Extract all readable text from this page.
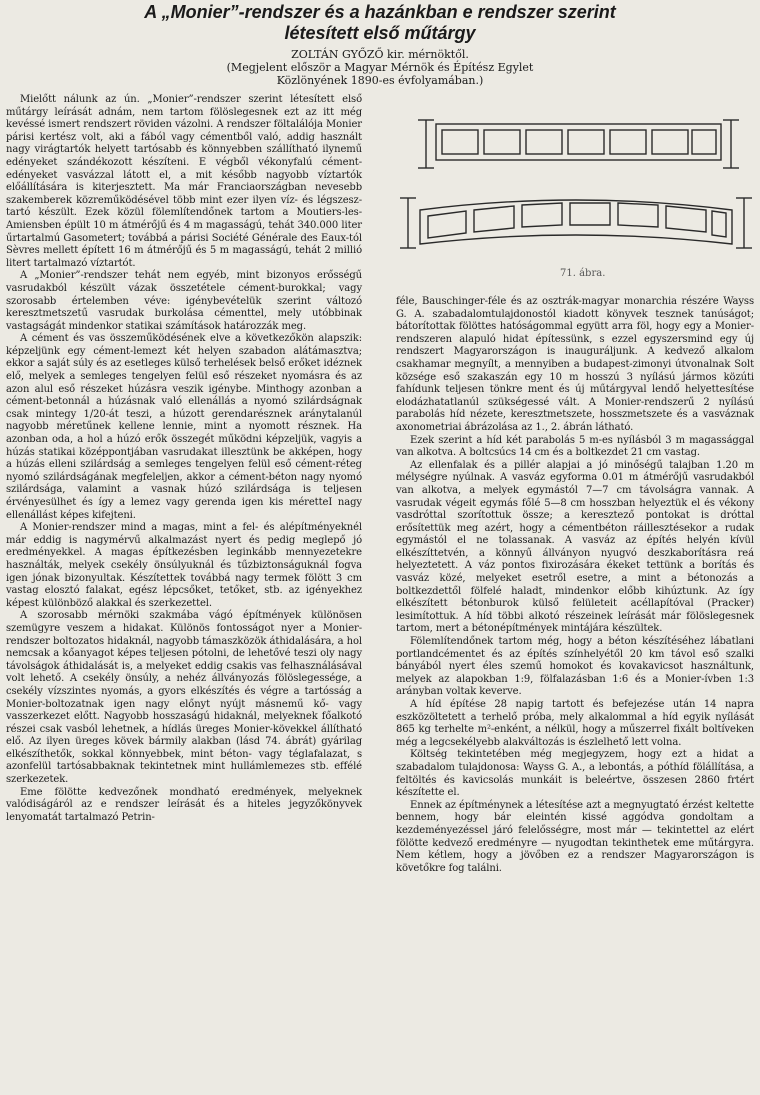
A „Monier”-rendszer és a hazánkban e rendszer szerint
létesített első műtárgy
ZOLTÁN GYŐZŐ kir. mérnöktől.
(Megjelent először a Magyar Mérnök és Építész Egylet
Közlönyének 1890-es évfolyamában.)

Mielőtt nálunk az ún. „Monier”-rendszer szerint létesített első műtárgy leírását adnám, nem tartom fölöslegesnek ezt az itt még kevéssé ismert rendszert röviden vázolni. A rendszer föltalálója Monier párisi kertész volt, aki a fából vagy cémentből való, addig használt nagy virágtartók helyett tartósabb és könnyebben szállítható ilynemű edényeket szándékozott készíteni. E végből vékonyfalú cément-edényeket vasvázzal látott el, a mit később nagyobb víztartók előállítására is kiterjesztett. Ma már Franciaországban nevesebb szakemberek közreműködésével több mint ezer ilyen víz- és légszesz-tartó készült. Ezek közül fölemlítendőnek tartom a Moutiers-les-Amiensben épült 10 m átmérőjű és 4 m magasságú, tehát 340.000 liter űrtartalmú Gasometert; továbbá a párisi Société Générale des Eaux-tól Sèvres mellett épített 16 m átmérőjű és 5 m magasságú, tehát 2 millió litert tartalmazó víztartót.

A „Monier”-rendszer tehát nem egyéb, mint bizonyos erősségű vasrudakból készült vázak összetétele cément-burokkal; vagy szorosabb értelemben véve: igénybevételük szerint változó keresztmetszetű vasrudak burkolása cémenttel, mely utóbbinak vastagságát mindenkor statikai számítások határozzák meg.

A cément és vas összeműködésének elve a következőkön alapszik: képzeljünk egy cément-lemezt két helyen szabadon alátámasztva; ekkor a saját súly és az esetleges külső terhelések belső erőket idéznek elő, melyek a semleges tengelyen felül eső részeket nyomásra és az azon alul eső részeket húzásra veszik igénybe. Minthogy azonban a cément-betonnál a húzásnak való ellenállás a nyomó szilárdságnak csak mintegy 1/20-át teszi, a húzott gerendarésznek aránytalanúl nagyobb méretűnek kellene lennie, mint a nyomott résznek. Ha azonban oda, a hol a húzó erők összegét működni képzeljük, vagyis a húzás statikai középpontjában vasrudakat illesztünk be akképen, hogy a húzás elleni szilárdság a semleges tengelyen felül eső cément-réteg nyomó szilárdságának megfeleljen, akkor a cément-béton nagy nyomó szilárdsága, valamint a vasnak húzó szilárdsága is teljesen érvényesülhet és így a lemez vagy gerenda igen kis méretteI nagy ellenállást képes kifejteni.

A Monier-rendszer mind a magas, mint a fel- és alépítményeknél már eddig is nagymérvű alkalmazást nyert és pedig meglepő jó eredményekkel. A magas építkezésben leginkább mennyezetekre használták, melyek csekély önsúlyuknál és tűzbiztonságuknál fogva igen jónak bizonyultak. Készítettek továbbá nagy termek fölött 3 cm vastag elosztó falakat, egész lépcsőket, tetőket, stb. az igényekhez képest különböző alakkal és szerkezettel.

A szorosabb mérnöki szakmába vágó építmények különösen szemügyre veszem a hidakat. Különös fontosságot nyer a Monier-rendszer boltozatos hidaknál, nagyobb támaszközök áthidalására, a hol nemcsak a kőanyagot képes teljesen pótolni, de lehetővé teszi oly nagy távolságok áthidalását is, a melyeket eddig csakis vas felhasználásával volt lehető. A csekély önsúly, a nehéz állványozás fölöslegessége, a csekély vízszintes nyomás, a gyors elkészítés és végre a tartósság a Monier-boltozatnak igen nagy előnyt nyújt másnemű kő- vagy vasszerkezet előtt. Nagyobb hosszaságú hidaknál, melyeknek főalkotó részei csak vasból lehetnek, a hídlás üreges Monier-kövekkel állítható elő. Az ilyen üreges kövek bármily alakban (lásd 74. ábrát) gyárilag elkészíthetők, sokkal könnyebbek, mint béton- vagy téglafalazat, s azonfelül tartósabbaknak tekintetnek mint hullámlemezes stb. effélé szerkezetek.

Eme fölötte kedvezőnek mondható eredmények, melyeknek valódiságáról az e rendszer leírását és a hiteles jegyzőkönyvek lenyomatát tartalmazó Petrin-

71. ábra.

féle, Bauschinger-féle és az osztrák-magyar monarchia részére Wayss G. A. szabadalomtulajdonostól kiadott könyvek tesznek tanúságot; bátorítottak fölöttes hatóságommal együtt arra föl, hogy egy a Monier-rendszeren alapuló hidat építessünk, s ezzel egyszersmind egy új rendszert Magyarországon is inauguráljunk. A kedvező alkalom csakhamar megnyílt, a mennyiben a budapest-zimonyi útvonalnak Solt községe eső szakaszán egy 10 m hosszú 3 nyílású jármos közúti fahídunk teljesen tönkre ment és új műtárgyval lendő helyettesítése elodázhatatlanúl szükségessé vált. A Monier-rendszerű 2 nyílású parabolás híd nézete, keresztmetszete, hosszmetszete és a vasváznak axonometriai ábrázolása az 1., 2. ábrán látható.

Ezek szerint a híd két parabolás 5 m-es nyílásból 3 m magassággal van alkotva. A boltcsúcs 14 cm és a boltkezdet 21 cm vastag.

Az ellenfalak és a pillér alapjai a jó minőségű talajban 1.20 m mélységre nyúlnak. A vasváz egyforma 0.01 m átmérőjű vasrudakból van alkotva, a melyek egymástól 7—7 cm távolságra vannak. A vasrudak végeit egymás főlé 5—8 cm hosszban helyeztük el és vékony vasdróttal szorítottuk össze; a keresztező pontokat is dróttal erősítettük meg azért, hogy a cémentbéton ráillesztésekor a rudak egymástól el ne tolassanak. A vasváz az építés helyén kívül elkészíttetvén, a könnyű állványon nyugvó deszkaborításra reá helyeztetett. A váz pontos fixirozására ékeket tettünk a borítás és vasváz közé, melyeket esetről esetre, a mint a bétonozás a boltkezdettől fölfelé haladt, mindenkor előbb kihúztunk. Az így elkészített bétonburok külső felületeit acéllapítóval (Pracker) lesimítottuk. A híd többi alkotó részeinek leírását már fölöslegesnek tartom, mert a bétonépítmények mintájára készültek.

Fölemlítendőnek tartom még, hogy a béton készítéséhez lábatlani portlandcémentet és az építés színhelyétől 20 km távol eső szalki bányából nyert éles szemű homokot és kovakavicsot használtunk, melyek az alapokban 1:9, fölfalazásban 1:6 és a Monier-ívben 1:3 arányban voltak keverve.

A híd építése 28 napig tartott és befejezése után 14 napra eszközöltetett a terhelő próba, mely alkalommal a híd egyik nyílását 865 kg terhelte m²-enként, a nélkül, hogy a műszerrel fixált boltíveken még a legcsekélyebb alakváltozás is észlelhető lett volna.

Költség tekintetében még megjegyzem, hogy ezt a hidat a szabadalom tulajdonosa: Wayss G. A., a lebontás, a póthíd fölállítása, a feltöltés és kavicsolás munkáit is beleértve, összesen 2860 frtért készítette el.

Ennek az építménynek a létesítése azt a megnyugtató érzést keltette bennem, hogy bár eleintén kissé aggódva gondoltam a kezdeményezéssel járó felelősségre, most már — tekintettel az elért fölötte kedvező eredményre — nyugodtan tekinthetek eme műtárgyra. Nem kétlem, hogy a jövőben ez a rendszer Magyarországon is követőkre fog találni.
